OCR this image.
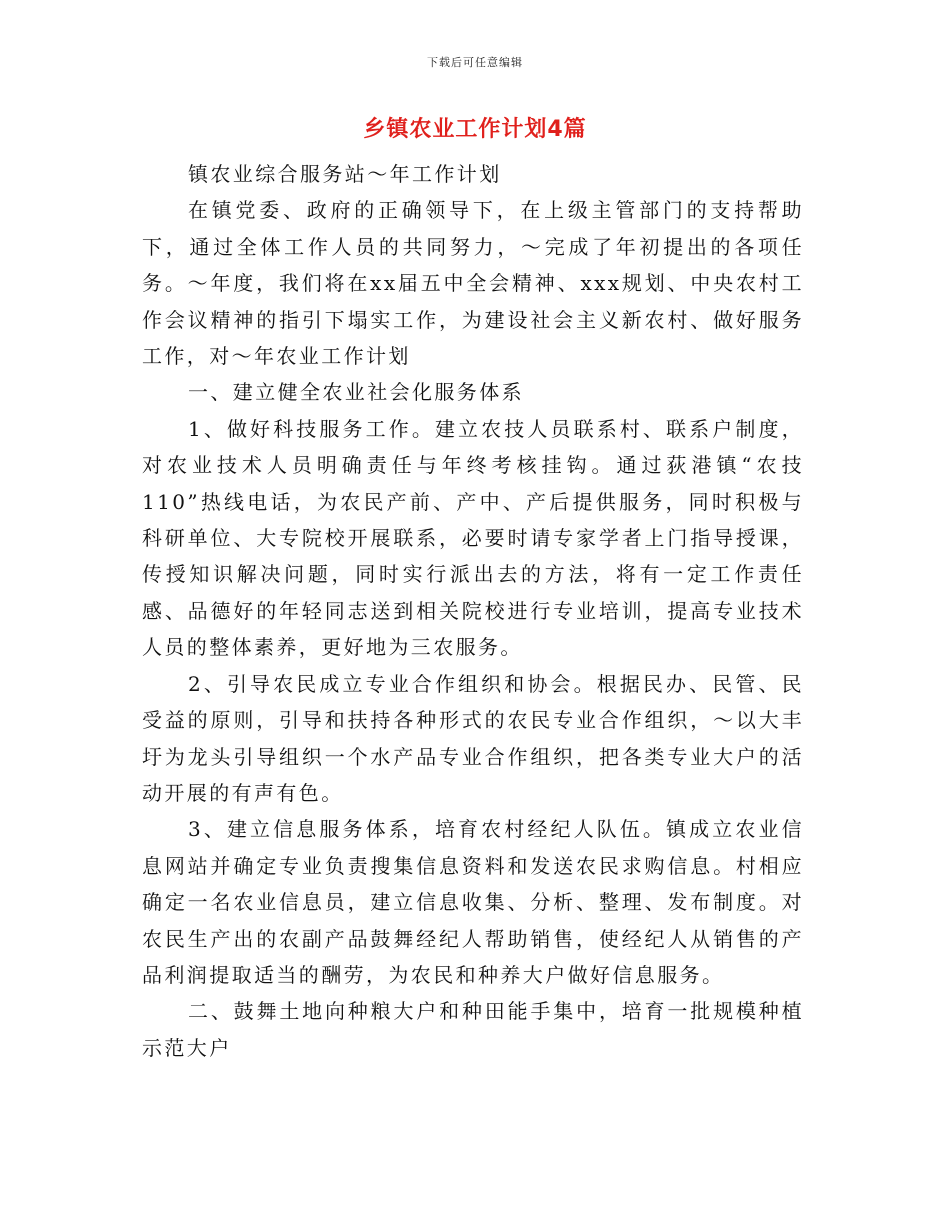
下载后可任意编辑
乡镇农业工作计划4篇

镇农业综合服务站～年工作计划

在镇党委、政府的正确领导下，在上级主管部门的支持帮助下，通过全体工作人员的共同努力，～完成了年初提出的各项任务。～年度，我们将在xx届五中全会精神、xxx规划、中央农村工作会议精神的指引下塌实工作，为建设社会主义新农村、做好服务工作，对～年农业工作计划

一、建立健全农业社会化服务体系

1、做好科技服务工作。建立农技人员联系村、联系户制度，对农业技术人员明确责任与年终考核挂钩。通过荻港镇“农技110”热线电话，为农民产前、产中、产后提供服务，同时积极与科研单位、大专院校开展联系，必要时请专家学者上门指导授课，传授知识解决问题，同时实行派出去的方法，将有一定工作责任感、品德好的年轻同志送到相关院校进行专业培训，提高专业技术人员的整体素养，更好地为三农服务。

2、引导农民成立专业合作组织和协会。根据民办、民管、民受益的原则，引导和扶持各种形式的农民专业合作组织，～以大丰圩为龙头引导组织一个水产品专业合作组织，把各类专业大户的活动开展的有声有色。

3、建立信息服务体系，培育农村经纪人队伍。镇成立农业信息网站并确定专业负责搜集信息资料和发送农民求购信息。村相应确定一名农业信息员，建立信息收集、分析、整理、发布制度。对农民生产出的农副产品鼓舞经纪人帮助销售，使经纪人从销售的产品利润提取适当的酬劳，为农民和种养大户做好信息服务。

二、鼓舞土地向种粮大户和种田能手集中，培育一批规模种植示范大户
